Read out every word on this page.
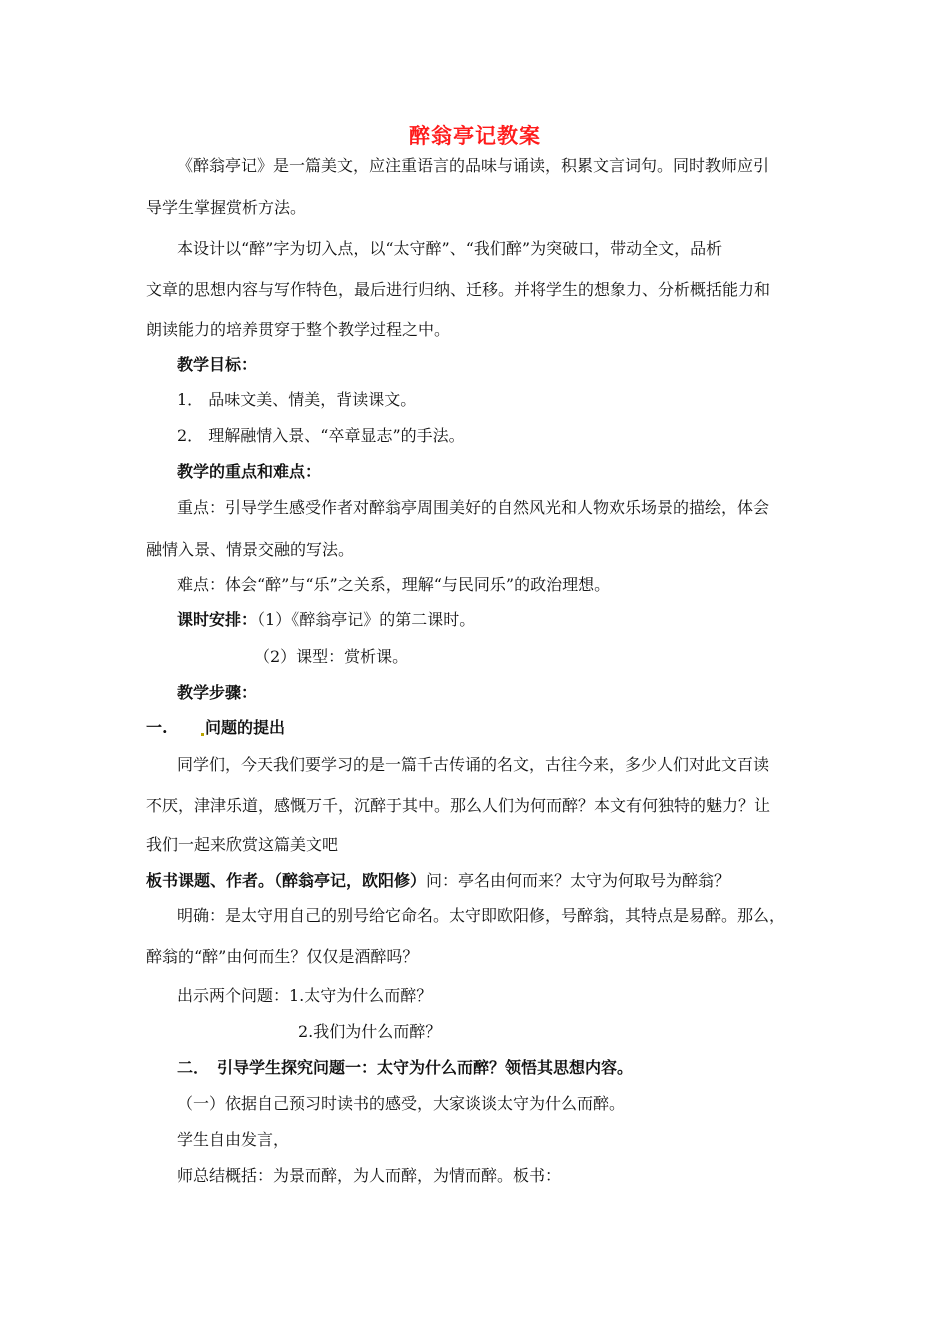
醉翁亭记教案
《醉翁亭记》是一篇美文，应注重语言的品味与诵读，积累文言词句。同时教师应引
导学生掌握赏析方法。
本设计以“醉”字为切入点，以“太守醉”、“我们醉”为突破口，带动全文，品析
文章的思想内容与写作特色，最后进行归纳、迁移。并将学生的想象力、分析概括能力和
朗读能力的培养贯穿于整个教学过程之中。
教学目标：
1． 品味文美、情美，背读课文。
2． 理解融情入景、“卒章显志”的手法。
教学的重点和难点：
重点：引导学生感受作者对醉翁亭周围美好的自然风光和人物欢乐场景的描绘，体会
融情入景、情景交融的写法。
难点：体会“醉”与“乐”之关系，理解“与民同乐”的政治理想。
课时安排：（1）《醉翁亭记》的第二课时。
（2）课型：赏析课。
教学步骤：
一. 问题的提出
同学们，今天我们要学习的是一篇千古传诵的名文，古往今来，多少人们对此文百读
不厌，津津乐道，感慨万千，沉醉于其中。那么人们为何而醉？本文有何独特的魅力？让
我们一起来欣赏这篇美文吧
板书课题、作者。（醉翁亭记，欧阳修）问：亭名由何而来？太守为何取号为醉翁？
明确：是太守用自己的别号给它命名。太守即欧阳修，号醉翁，其特点是易醉。那么，
醉翁的“醉”由何而生？仅仅是酒醉吗？
出示两个问题：1.太守为什么而醉？
2.我们为什么而醉？
二．　引导学生探究问题一：太守为什么而醉？领悟其思想内容。
（一）依据自己预习时读书的感受，大家谈谈太守为什么而醉。
学生自由发言，
师总结概括：为景而醉，为人而醉，为情而醉。板书：
